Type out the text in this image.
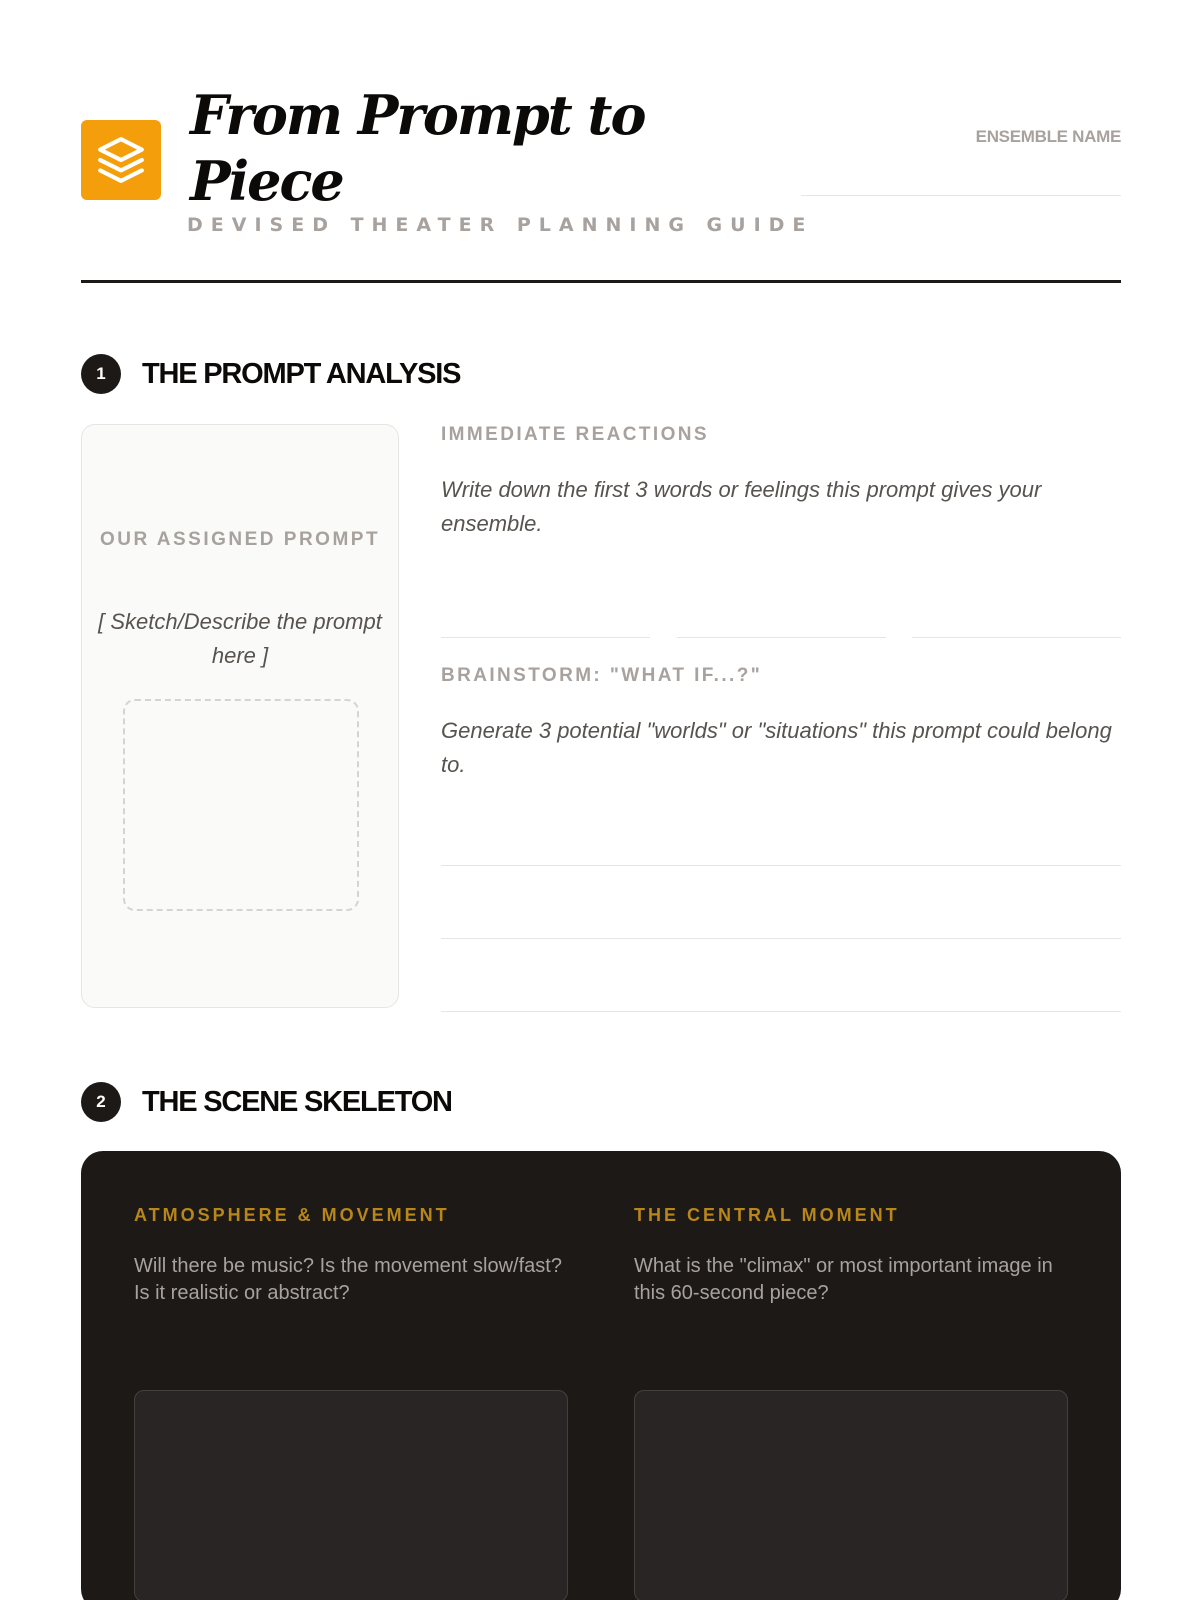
From Prompt to Piece
DEVISED THEATER PLANNING GUIDE
ENSEMBLE NAME
1	THE PROMPT ANALYSIS
OUR ASSIGNED PROMPT
[ Sketch/Describe the prompt here ]
IMMEDIATE REACTIONS
Write down the first 3 words or feelings this prompt gives your ensemble.
BRAINSTORM: "WHAT IF...?"
Generate 3 potential "worlds" or "situations" this prompt could belong to.
2	THE SCENE SKELETON
ATMOSPHERE & MOVEMENT
Will there be music? Is the movement slow/fast? Is it realistic or abstract?
THE CENTRAL MOMENT
What is the "climax" or most important image in this 60-second piece?
